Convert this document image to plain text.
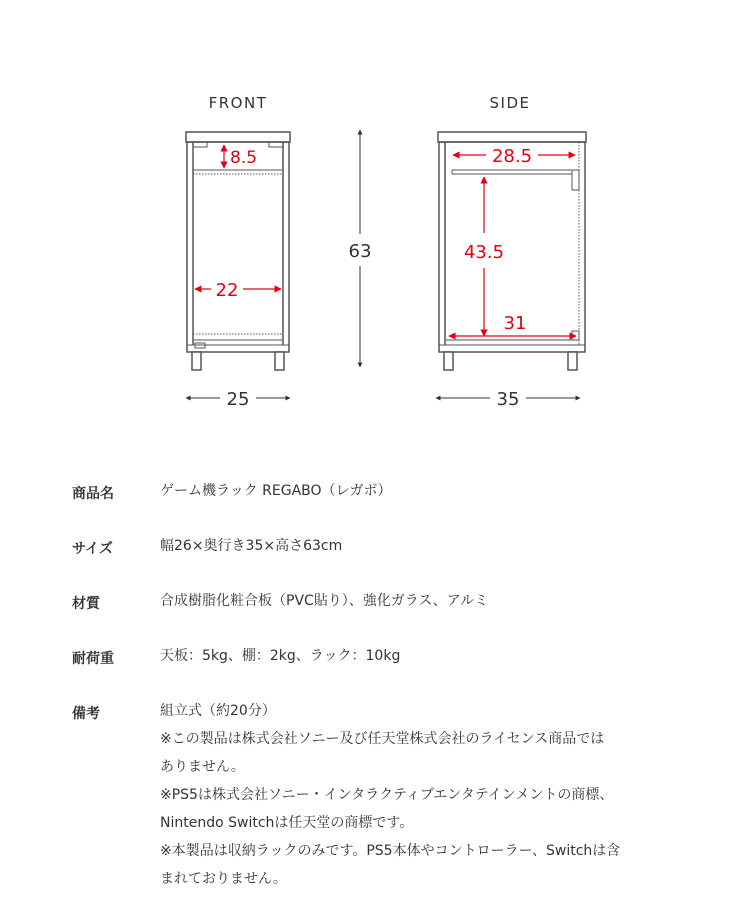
FRONT
8.5
22
25
63
SIDE
28.5
43.5
31
35
商品名	ゲーム機ラック REGABO（レガボ）
サイズ	幅26×奥行き35×高さ63cm
材質	合成樹脂化粧合板（PVC貼り）、強化ガラス、アルミ
耐荷重	天板：5kg、棚：2kg、ラック：10kg
備考	組立式（約20分）
※この製品は株式会社ソニー及び任天堂株式会社のライセンス商品では
ありません。
※PS5は株式会社ソニー・インタラクティブエンタテインメントの商標、
Nintendo Switchは任天堂の商標です。
※本製品は収納ラックのみです。PS5本体やコントローラー、Switchは含
まれておりません。
